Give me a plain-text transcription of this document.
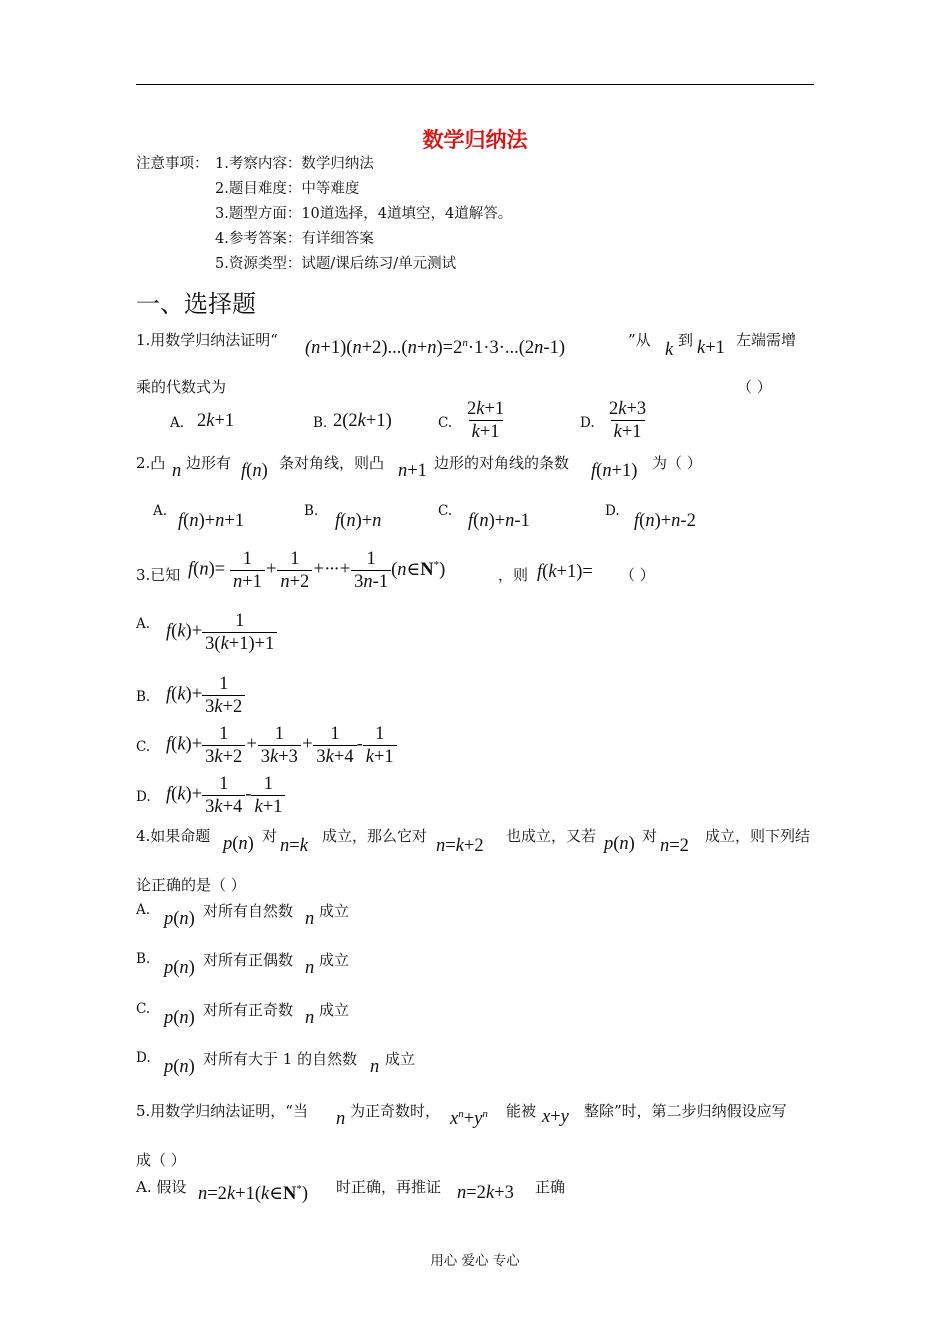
数学归纳法
注意事项： 1.考察内容：数学归纳法
2.题目难度：中等难度
3.题型方面：10道选择，4道填空，4道解答。
4.参考答案：有详细答案
5.资源类型：试题/课后练习/单元测试
一、选择题
1.用数学归纳法证明“ $(n+1)(n+2)...(n+n)=2^n\cdot 1\cdot 3\cdot...(2n-1)$	”从 k 到 k+1 左端需增
乘的代数式为	（ ）
A. 2k+1	B. 2(2k+1)	C. $\frac{2k+1}{k+1}$	D. $\frac{2k+3}{k+1}$
2.凸 n 边形有 f(n) 条对角线，则凸 n+1 边形的对角线的条数 f(n+1) 为（ ）
A. f(n)+n+1	B. f(n)+n	C. f(n)+n-1	D. f(n)+n-2
3.已知 $f(n)= \frac{1}{n+1} + \frac{1}{n+2}$ +···+ $\frac{1}{3n-1}$ (n∈N*)	，则 f(k+1)= （ ）
A. $f(k)+ \frac{1}{3(k+1)+1}$
B. $f(k)+ \frac{1}{3k+2}$
C. $f(k)+ \frac{1}{3k+2} + \frac{1}{3k+3} + \frac{1}{3k+4} - \frac{1}{k+1}$
D. $f(k)+ \frac{1}{3k+4} - \frac{1}{k+1}$
4.如果命题 p(n) 对 n=k 成立，那么它对 n=k+2 也成立，又若 p(n) 对 n=2 成立，则下列结
论正确的是（ ）
A. p(n) 对所有自然数 n 成立
B. p(n) 对所有正偶数 n 成立
C. p(n) 对所有正奇数 n 成立
D. p(n) 对所有大于 1 的自然数 n 成立
5.用数学归纳法证明，“当 n 为正奇数时， $x^n+y^n$ 能被 x+y 整除”时，第二步归纳假设应写
成（ ）
A. 假设 n=2k+1(k∈N*) 时正确，再推证 n=2k+3 正确
用心 爱心 专心
